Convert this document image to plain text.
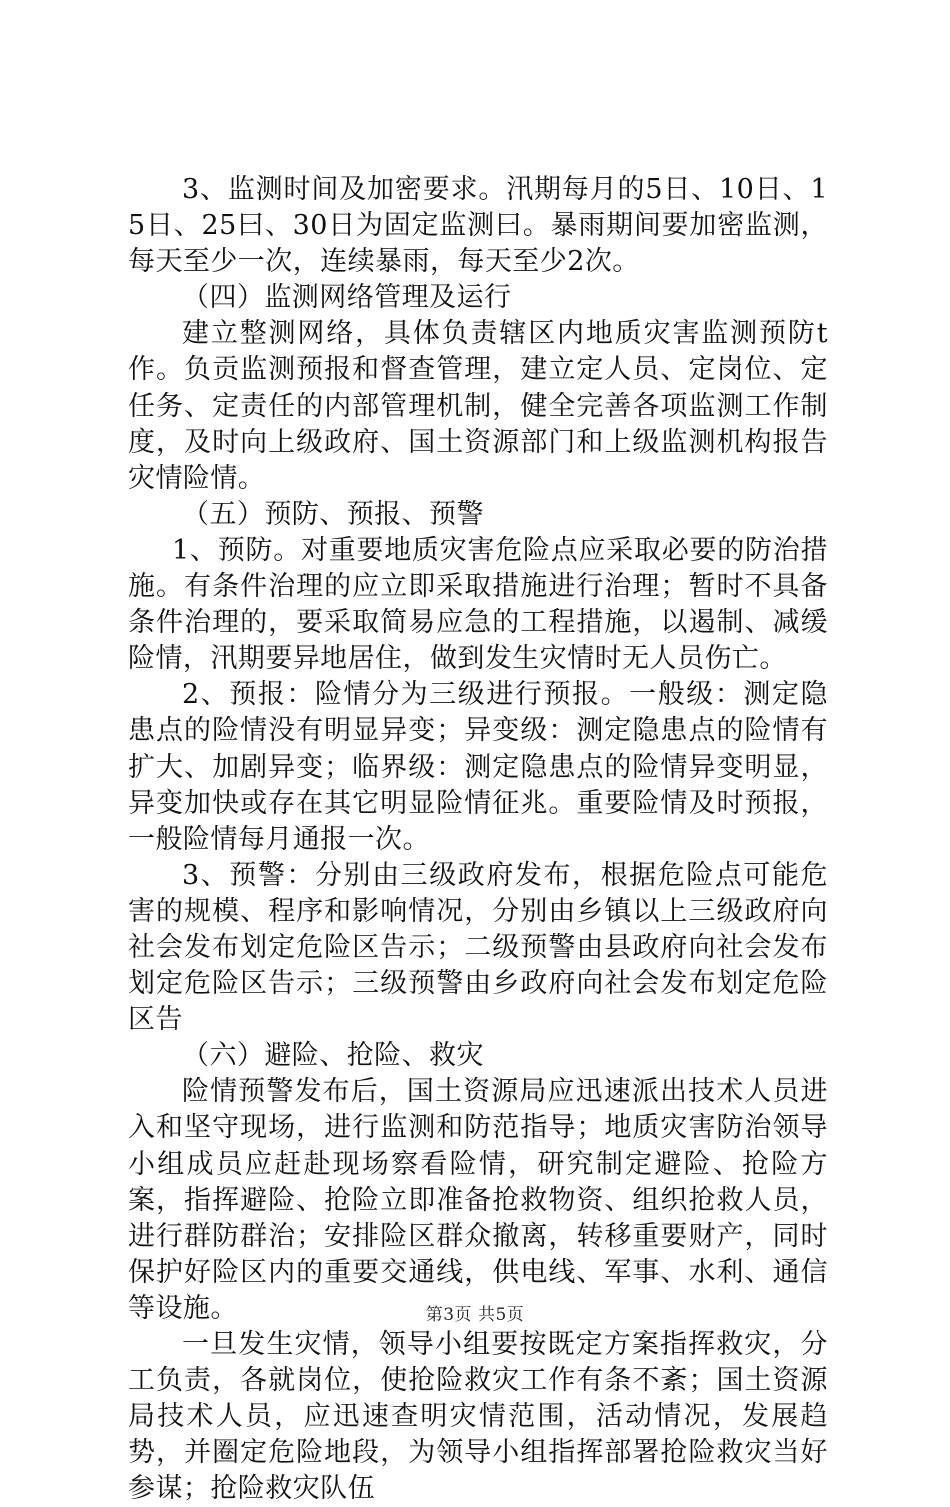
3、监测时间及加密要求。汛期每月的5日、10日、15日、25曰、30日为固定监测曰。暴雨期间要加密监测，每天至少一次，连续暴雨，每天至少2次。

（四）监测网络管理及运行

建立整测网络，具体负责辖区内地质灾害监测预防t作。负贡监测预报和督查管理，建立定人员、定岗位、定任务、定责任的内部管理机制，健全完善各项监测工作制度，及时向上级政府、国土资源部门和上级监测机构报告灾情险情。

（五）预防、预报、预警

1、预防。对重要地质灾害危险点应采取必要的防治措施。有条件治理的应立即采取措施进行治理；暂时不具备条件治理的，要采取简易应急的工程措施，以遏制、减缓险情，汛期要异地居住，做到发生灾情时无人员伤亡。

2、预报：险情分为三级进行预报。一般级：测定隐患点的险情没有明显异变；异变级：测定隐患点的险情有扩大、加剧异变；临界级：测定隐患点的险情异变明显，异变加快或存在其它明显险情征兆。重要险情及时预报，一般险情每月通报一次。

3、预警：分别由三级政府发布，根据危险点可能危害的规模、程序和影响情况，分别由乡镇以上三级政府向社会发布划定危险区告示；二级预警由县政府向社会发布划定危险区告示；三级预警由乡政府向社会发布划定危险区告

（六）避险、抢险、救灾

险情预警发布后，国土资源局应迅速派出技术人员进入和坚守现场，进行监测和防范指导；地质灾害防治领导小组成员应赶赴现场察看险情，研究制定避险、抢险方案，指挥避险、抢险立即准备抢救物资、组织抢救人员，进行群防群治；安排险区群众撤离，转移重要财产，同时保护好险区内的重要交通线，供电线、军事、水利、通信等设施。

一旦发生灾情，领导小组要按既定方案指挥救灾，分工负责，各就岗位，使抢险救灾工作有条不紊；国土资源局技术人员，应迅速查明灾情范围，活动情况，发展趋势，并圈定危险地段，为领导小组指挥部署抢险救灾当好参谋；抢险救灾队伍

第3页 共5页
